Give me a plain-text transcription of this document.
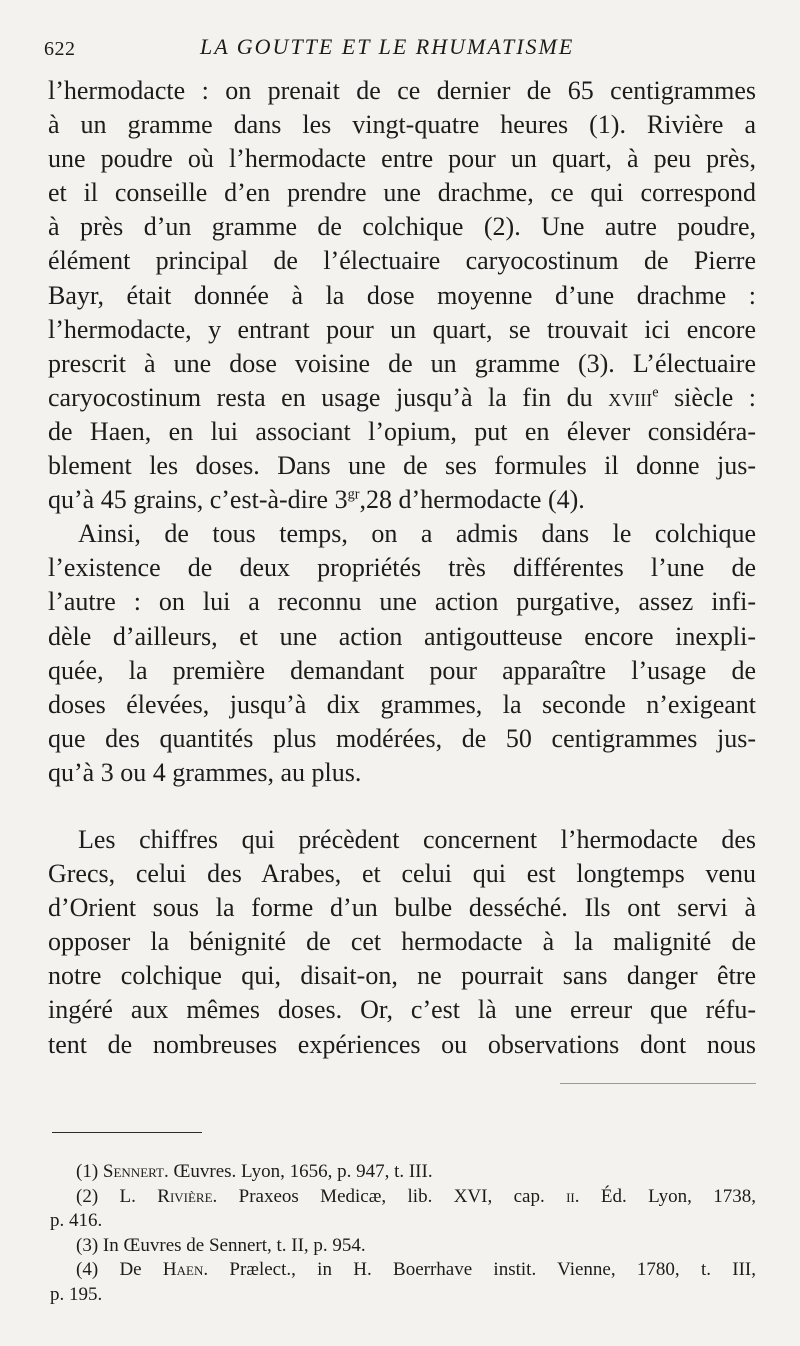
622	LA GOUTTE ET LE RHUMATISME
l’hermodacte : on prenait de ce dernier de 65 centigrammes
à un gramme dans les vingt-quatre heures (1). Rivière a
une poudre où l’hermodacte entre pour un quart, à peu près,
et il conseille d’en prendre une drachme, ce qui correspond
à près d’un gramme de colchique (2). Une autre poudre,
élément principal de l’électuaire caryocostinum de Pierre
Bayr, était donnée à la dose moyenne d’une drachme :
l’hermodacte, y entrant pour un quart, se trouvait ici encore
prescrit à une dose voisine de un gramme (3). L’électuaire
caryocostinum resta en usage jusqu’à la fin du xviii$^e$ siècle :
de Haen, en lui associant l’opium, put en élever considéra-
blement les doses. Dans une de ses formules il donne jus-
qu’à 45 grains, c’est-à-dire $3^{gr},28$ d’hermodacte (4).
Ainsi, de tous temps, on a admis dans le colchique
l’existence de deux propriétés très différentes l’une de
l’autre : on lui a reconnu une action purgative, assez infi-
dèle d’ailleurs, et une action antigoutteuse encore inexpli-
quée, la première demandant pour apparaître l’usage de
doses élevées, jusqu’à dix grammes, la seconde n’exigeant
que des quantités plus modérées, de 50 centigrammes jus-
qu’à 3 ou 4 grammes, au plus.
Les chiffres qui précèdent concernent l’hermodacte des
Grecs, celui des Arabes, et celui qui est longtemps venu
d’Orient sous la forme d’un bulbe desséché. Ils ont servi à
opposer la bénignité de cet hermodacte à la malignité de
notre colchique qui, disait-on, ne pourrait sans danger être
ingéré aux mêmes doses. Or, c’est là une erreur que réfu-
tent de nombreuses expériences ou observations dont nous
(1) Sennert. Œuvres. Lyon, 1656, p. 947, t. III.
(2) L. Rivière. Praxeos Medicæ, lib. XVI, cap. ii. Éd. Lyon, 1738,
p. 416.
(3) In Œuvres de Sennert, t. II, p. 954.
(4) De Haen. Prælect., in H. Boerrhave instit. Vienne, 1780, t. III,
p. 195.
